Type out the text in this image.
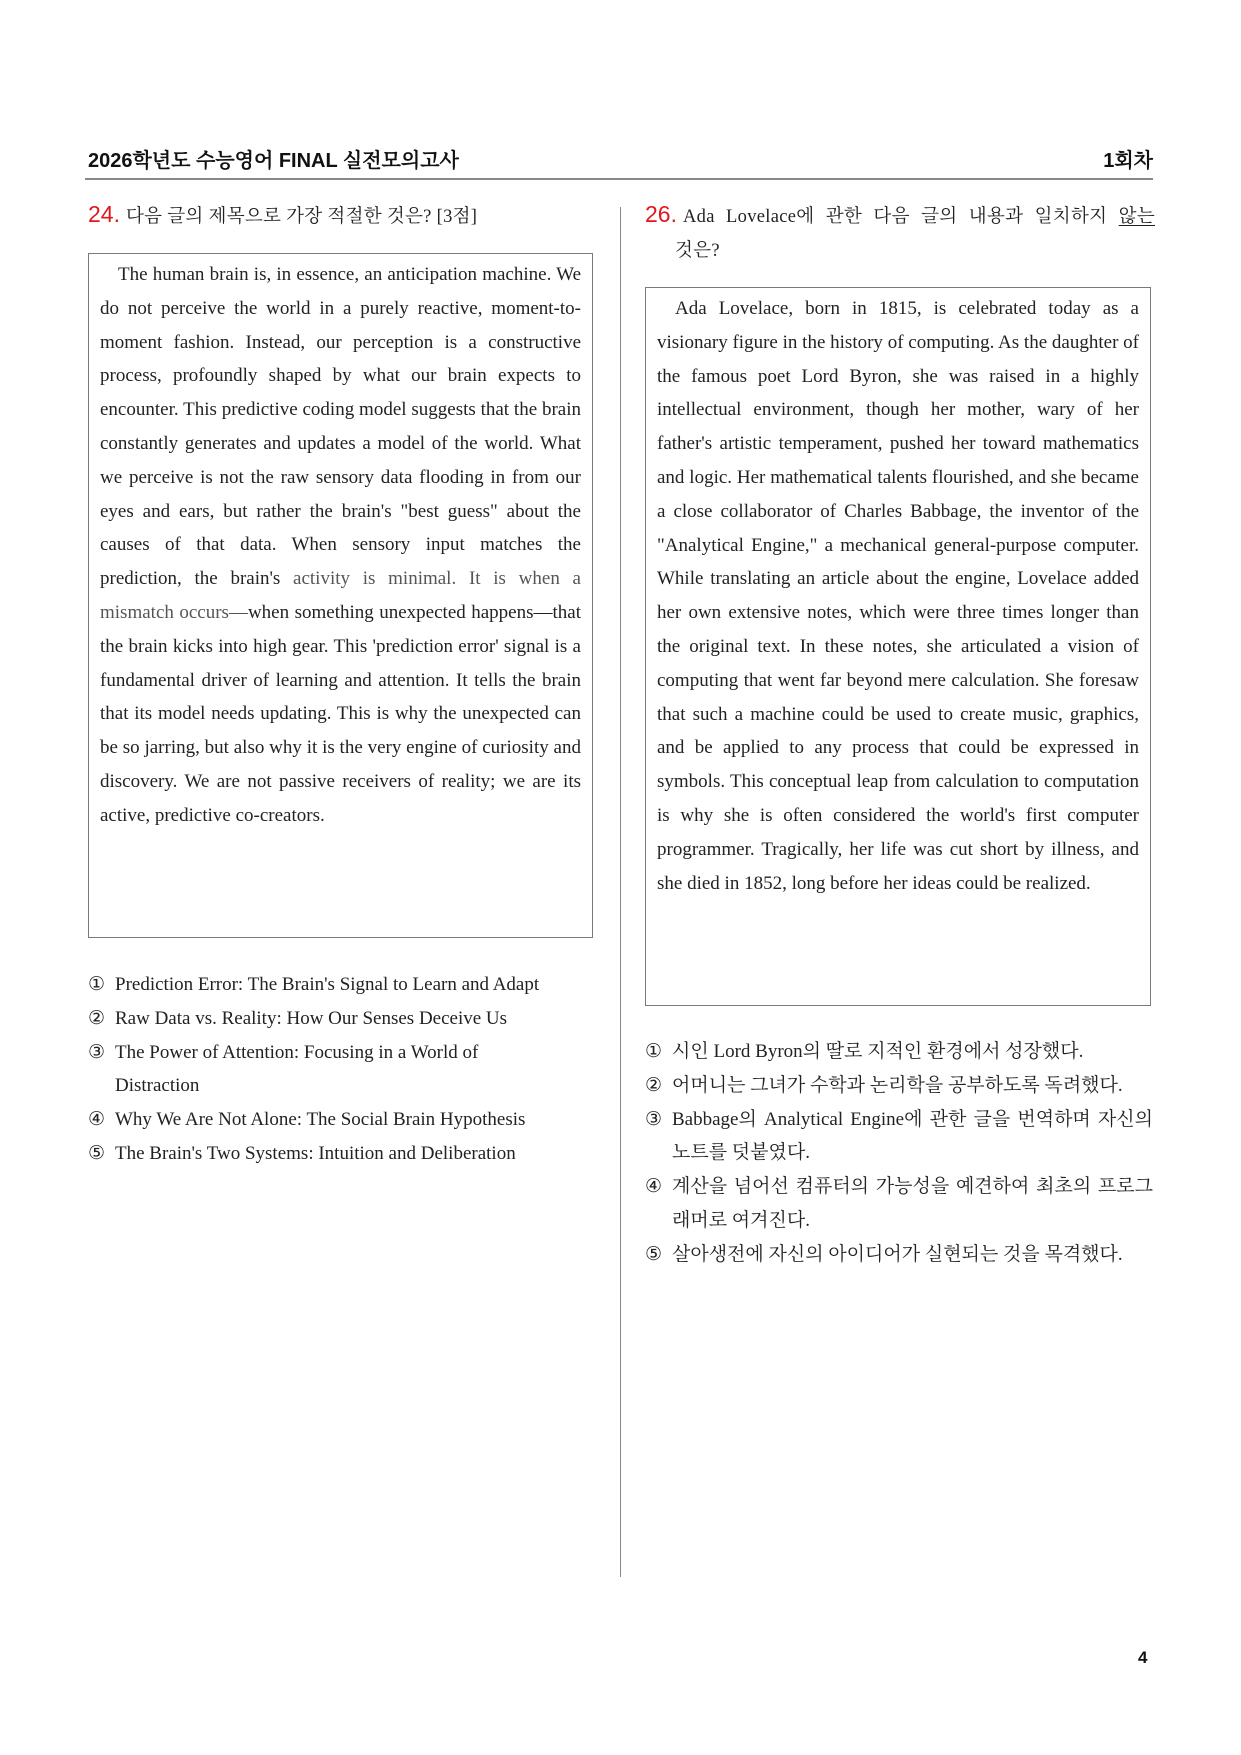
2026학년도 수능영어 FINAL 실전모의고사	1회차
24. 다음 글의 제목으로 가장 적절한 것은? [3점]

The human brain is, in essence, an anticipation machine. We do not perceive the world in a purely reactive, moment-to-moment fashion. Instead, our perception is a constructive process, profoundly shaped by what our brain expects to encounter. This predictive coding model suggests that the brain constantly generates and updates a model of the world. What we perceive is not the raw sensory data flooding in from our eyes and ears, but rather the brain's "best guess" about the causes of that data. When sensory input matches the prediction, the brain's activity is minimal. It is when a mismatch occurs—when something unexpected happens—that the brain kicks into high gear. This 'prediction error' signal is a fundamental driver of learning and attention. It tells the brain that its model needs updating. This is why the unexpected can be so jarring, but also why it is the very engine of curiosity and discovery. We are not passive receivers of reality; we are its active, predictive co-creators.

① Prediction Error: The Brain's Signal to Learn and Adapt
② Raw Data vs. Reality: How Our Senses Deceive Us
③ The Power of Attention: Focusing in a World of Distraction
④ Why We Are Not Alone: The Social Brain Hypothesis
⑤ The Brain's Two Systems: Intuition and Deliberation
26. Ada Lovelace에 관한 다음 글의 내용과 일치하지 않는
것은?

Ada Lovelace, born in 1815, is celebrated today as a visionary figure in the history of computing. As the daughter of the famous poet Lord Byron, she was raised in a highly intellectual environment, though her mother, wary of her father's artistic temperament, pushed her toward mathematics and logic. Her mathematical talents flourished, and she became a close collaborator of Charles Babbage, the inventor of the "Analytical Engine," a mechanical general-purpose computer. While translating an article about the engine, Lovelace added her own extensive notes, which were three times longer than the original text. In these notes, she articulated a vision of computing that went far beyond mere calculation. She foresaw that such a machine could be used to create music, graphics, and be applied to any process that could be expressed in symbols. This conceptual leap from calculation to computation is why she is often considered the world's first computer programmer. Tragically, her life was cut short by illness, and she died in 1852, long before her ideas could be realized.

① 시인 Lord Byron의 딸로 지적인 환경에서 성장했다.
② 어머니는 그녀가 수학과 논리학을 공부하도록 독려했다.
③ Babbage의 Analytical Engine에 관한 글을 번역하며 자신의 노트를 덧붙였다.
④ 계산을 넘어선 컴퓨터의 가능성을 예견하여 최초의 프로그래머로 여겨진다.
⑤ 살아생전에 자신의 아이디어가 실현되는 것을 목격했다.
4
